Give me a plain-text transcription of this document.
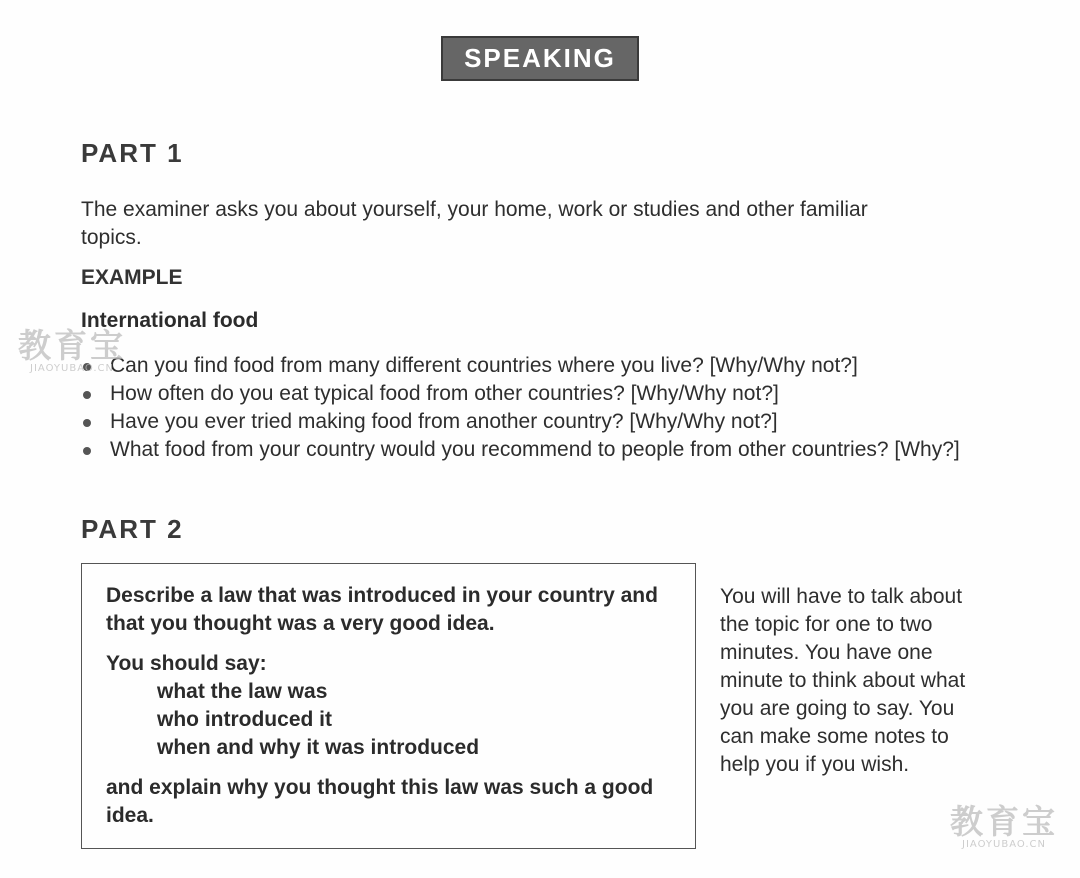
SPEAKING
PART 1

The examiner asks you about yourself, your home, work or studies and other familiar topics.

EXAMPLE

International food

Can you find food from many different countries where you live? [Why/Why not?]
How often do you eat typical food from other countries? [Why/Why not?]
Have you ever tried making food from another country? [Why/Why not?]
What food from your country would you recommend to people from other countries? [Why?]
PART 2

Describe a law that was introduced in your country and that you thought was a very good idea.

You should say:

what the law was

who introduced it

when and why it was introduced

and explain why you thought this law was such a good idea.

You will have to talk about the topic for one to two minutes. You have one minute to think about what you are going to say. You can make some notes to help you if you wish.

教育宝
JIAOYUBAO.CN
教育宝
JIAOYUBAO.CN
